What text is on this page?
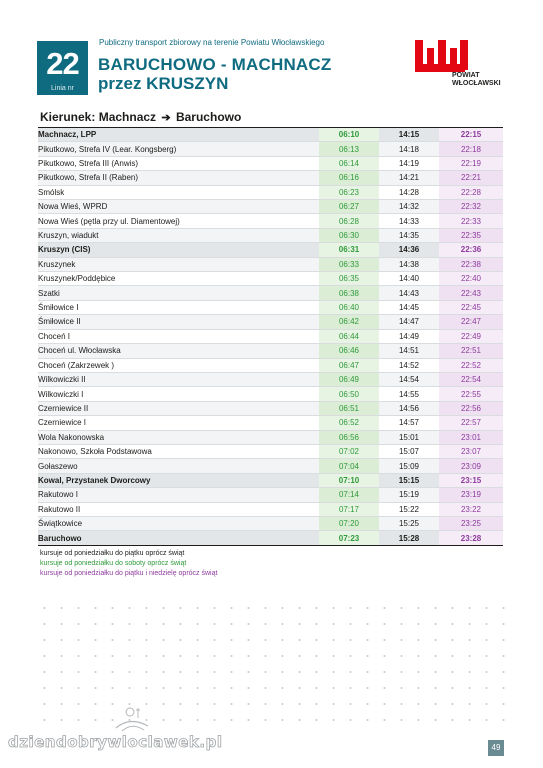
22
Linia nr
Publiczny transport zbiorowy na terenie Powiatu Włocławskiego
BARUCHOWO - MACHNACZ
przez KRUSZYN	POWIAT
WŁOCŁAWSKI
Kierunek: Machnacz ➔ Baruchowo
Machnacz, LPP	06:10	14:15	22:15
Pikutkowo, Strefa IV (Lear. Kongsberg)	06:13	14:18	22:18
Pikutkowo, Strefa III (Anwis)	06:14	14:19	22:19
Pikutkowo, Strefa II (Raben)	06:16	14:21	22:21
Smólsk	06:23	14:28	22:28
Nowa Wieś, WPRD	06:27	14:32	22:32
Nowa Wieś (pętla przy ul. Diamentowej)	06:28	14:33	22:33
Kruszyn, wiadukt	06:30	14:35	22:35
Kruszyn (CIS)	06:31	14:36	22:36
Kruszynek	06:33	14:38	22:38
Kruszynek/Poddębice	06:35	14:40	22:40
Szatki	06:38	14:43	22:43
Śmiłowice I	06:40	14:45	22:45
Śmiłowice II	06:42	14:47	22:47
Choceń I	06:44	14:49	22:49
Choceń ul. Włocławska	06:46	14:51	22:51
Choceń (Zakrzewek )	06:47	14:52	22:52
Wilkowiczki II	06:49	14:54	22:54
Wilkowiczki I	06:50	14:55	22:55
Czerniewice II	06:51	14:56	22:56
Czerniewice I	06:52	14:57	22:57
Wola Nakonowska	06:56	15:01	23:01
Nakonowo, Szkoła Podstawowa	07:02	15:07	23:07
Gołaszewo	07:04	15:09	23:09
Kowal, Przystanek Dworcowy	07:10	15:15	23:15
Rakutowo I	07:14	15:19	23:19
Rakutowo II	07:17	15:22	23:22
Świątkowice	07:20	15:25	23:25
Baruchowo	07:23	15:28	23:28
kursuje od poniedziałku do piątku oprócz świąt
kursuje od poniedziałku do soboty oprócz świąt
kursuje od poniedziałku do piątku i niedzielę oprócz świąt
dziendobrywloclawek.pl	49
